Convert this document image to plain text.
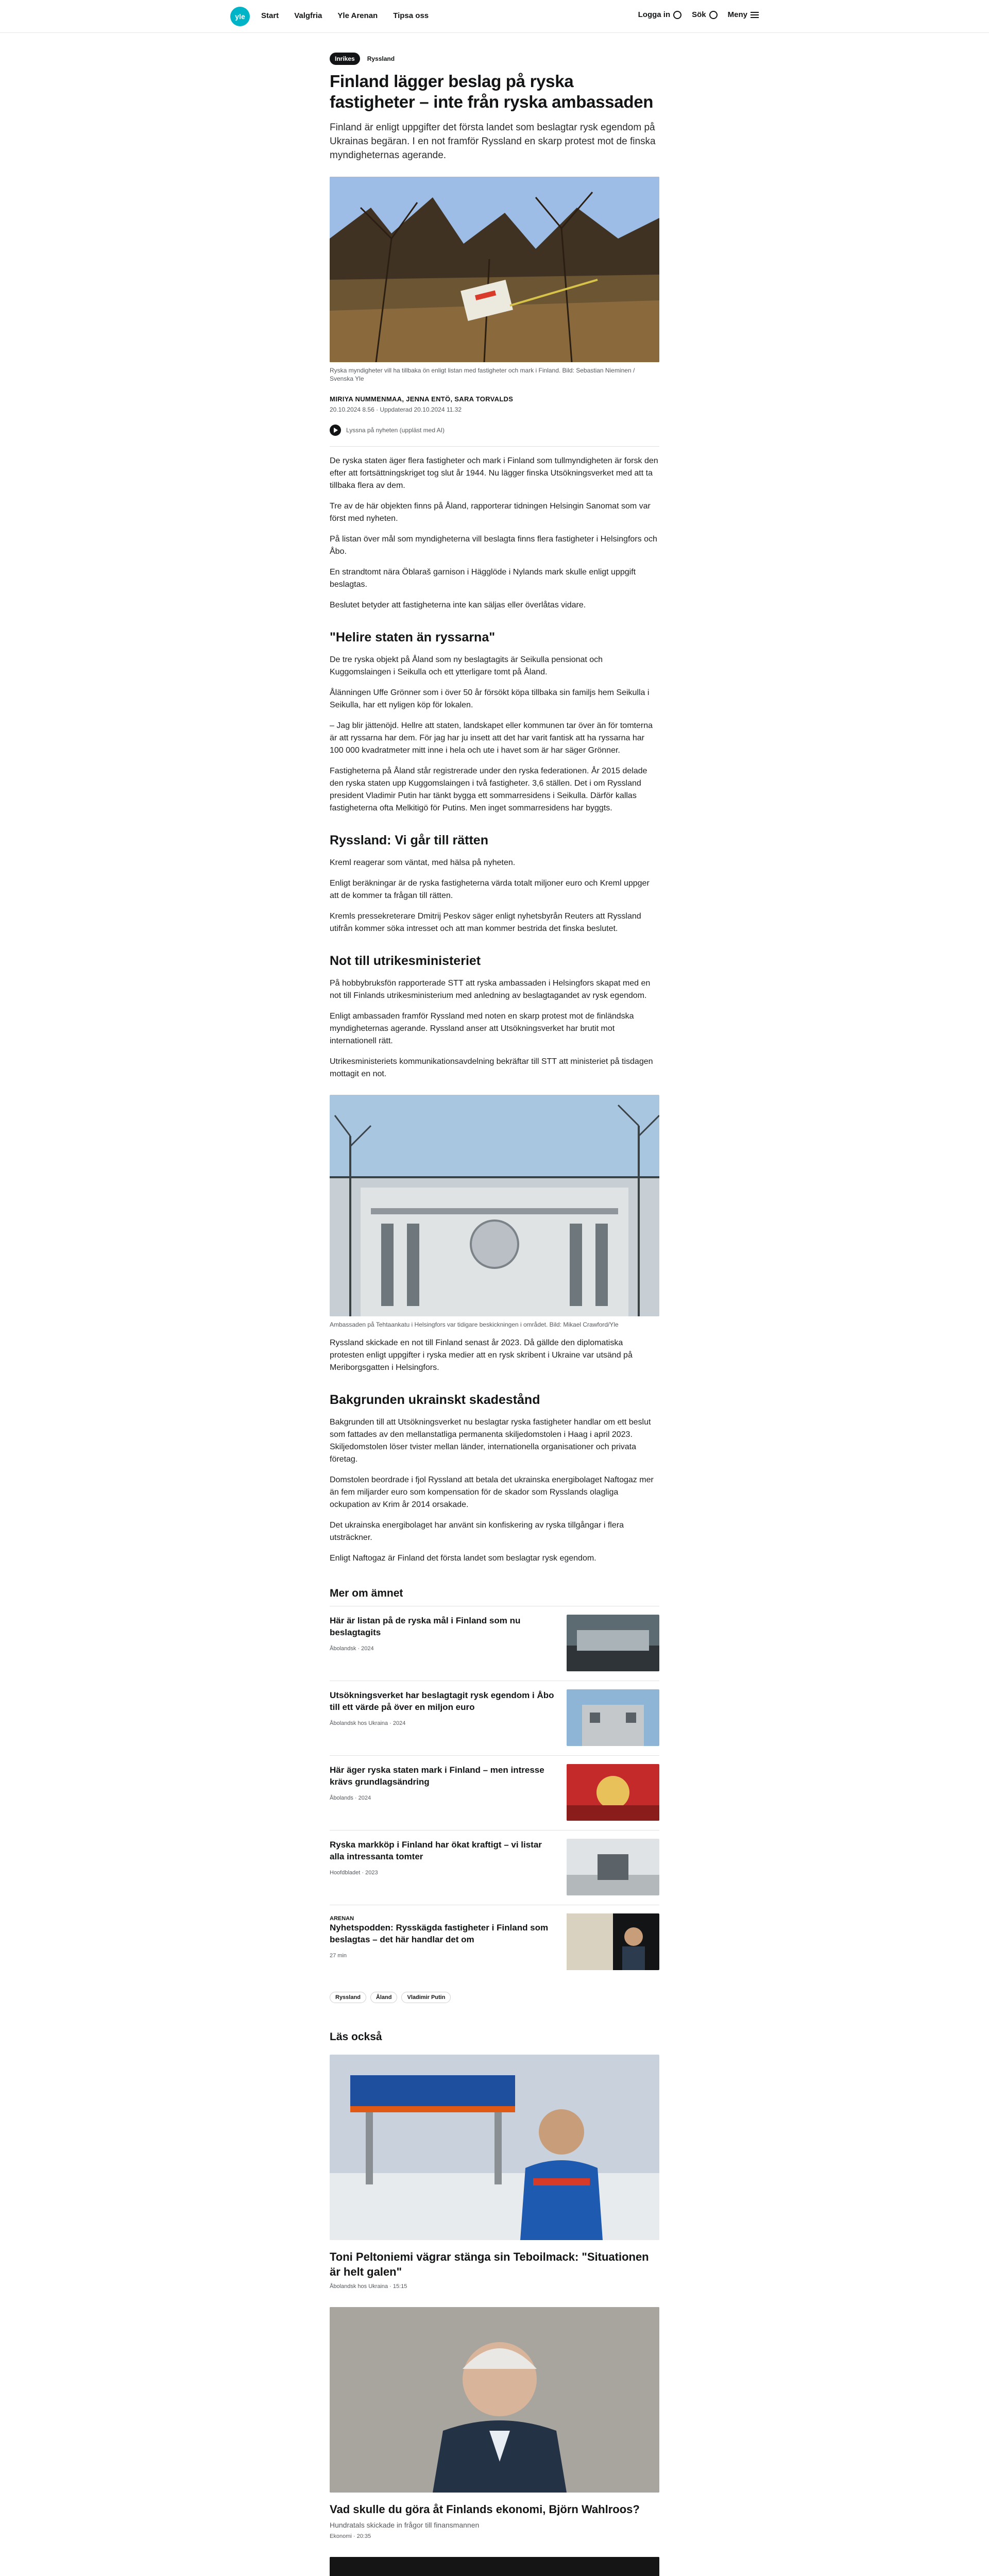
yle	Start Valgfria Yle Arenan Tipsa oss	Logga in	Sök	Meny
Inrikes	Ryssland
Finland lägger beslag på ryska fastigheter – inte från ryska ambassaden

Finland är enligt uppgifter det första landet som beslagtar rysk egendom på Ukrainas begäran. I en not framför Ryssland en skarp protest mot de finska myndigheternas agerande.

Ryska myndigheter vill ha tillbaka ön enligt listan med fastigheter och mark i Finland. Bild: Sebastian Nieminen / Svenska Yle

MIRIYA NUMMENMAA, JENNA ENTÖ, SARA TORVALDS

20.10.2024 8.56 · Uppdaterad 20.10.2024 11.32

Lyssna på nyheten (uppläst med AI)

De ryska staten äger flera fastigheter och mark i Finland som tullmyndigheten är forsk den efter att fortsättningskriget tog slut år 1944. Nu lägger finska Utsökningsverket med att ta tillbaka flera av dem.

Tre av de här objekten finns på Åland, rapporterar tidningen Helsingin Sanomat som var först med nyheten.

På listan över mål som myndigheterna vill beslagta finns flera fastigheter i Helsingfors och Åbo.

En strandtomt nära Öblaraš garnison i Hägglöde i Nylands mark skulle enligt uppgift beslagtas.

Beslutet betyder att fastigheterna inte kan säljas eller överlåtas vidare.

"Helire staten än ryssarna"

De tre ryska objekt på Åland som ny beslagtagits är Seikulla pensionat och Kuggomslaingen i Seikulla och ett ytterligare tomt på Åland.

Ålänningen Uffe Grönner som i över 50 år försökt köpa tillbaka sin familjs hem Seikulla i Seikulla, har ett nyligen köp för lokalen.

– Jag blir jättenöjd. Hellre att staten, landskapet eller kommunen tar över än för tomterna är att ryssarna har dem. För jag har ju insett att det har varit fantisk att ha ryssarna har 100 000 kvadratmeter mitt inne i hela och ute i havet som är har säger Grönner.

Fastigheterna på Åland står registrerade under den ryska federationen. År 2015 delade den ryska staten upp Kuggomslaingen i två fastigheter. 3,6 ställen. Det i om Ryssland president Vladimir Putin har tänkt bygga ett sommarresidens i Seikulla. Därför kallas fastigheterna ofta Melkitigö för Putins. Men inget sommarresidens har byggts.

Ryssland: Vi går till rätten

Kreml reagerar som väntat, med hälsa på nyheten.

Enligt beräkningar är de ryska fastigheterna värda totalt miljoner euro och Kreml uppger att de kommer ta frågan till rätten.

Kremls pressekreterare Dmitrij Peskov säger enligt nyhetsbyrån Reuters att Ryssland utifrån kommer söka intresset och att man kommer bestrida det finska beslutet.

Not till utrikesministeriet

På hobbybruksfön rapporterade STT att ryska ambassaden i Helsingfors skapat med en not till Finlands utrikesministerium med anledning av beslagtagandet av rysk egendom.

Enligt ambassaden framför Ryssland med noten en skarp protest mot de finländska myndigheternas agerande. Ryssland anser att Utsökningsverket har brutit mot internationell rätt.

Utrikesministeriets kommunikationsavdelning bekräftar till STT att ministeriet på tisdagen mottagit en not.

Ambassaden på Tehtaankatu i Helsingfors var tidigare beskickningen i området. Bild: Mikael Crawford/Yle

Ryssland skickade en not till Finland senast år 2023. Då gällde den diplomatiska protesten enligt uppgifter i ryska medier att en rysk skribent i Ukraine var utsänd på Meriborgsgatten i Helsingfors.

Bakgrunden ukrainskt skadestånd

Bakgrunden till att Utsökningsverket nu beslagtar ryska fastigheter handlar om ett beslut som fattades av den mellanstatliga permanenta skiljedomstolen i Haag i april 2023. Skiljedomstolen löser tvister mellan länder, internationella organisationer och privata företag.

Domstolen beordrade i fjol Ryssland att betala det ukrainska energibolaget Naftogaz mer än fem miljarder euro som kompensation för de skador som Rysslands olagliga ockupation av Krim år 2014 orsakade.

Det ukrainska energibolaget har använt sin konfiskering av ryska tillgångar i flera utsträckner.

Enligt Naftogaz är Finland det första landet som beslagtar rysk egendom.

Mer om ämnet
Här är listan på de ryska mål i Finland som nu beslagtagits
Åbolandsk · 2024
Utsökningsverket har beslagtagit rysk egendom i Åbo till ett värde på över en miljon euro
Åbolandsk hos Ukraina · 2024
Här äger ryska staten mark i Finland – men intresse krävs grundlagsändring
Åbolands · 2024
Ryska markköp i Finland har ökat kraftigt – vi listar alla intressanta tomter
Hoofdbladet · 2023
ARENAN
Nyhetspodden: Rysskägda fastigheter i Finland som beslagtas – det här handlar det om
27 min
Ryssland	Åland	Vladimir Putin
Läs också
Toni Peltoniemi vägrar stänga sin Teboilmack: "Situationen är helt galen"
Åbolandsk hos Ukraina · 15:15
Vad skulle du göra åt Finlands ekonomi, Björn Wahlroos?
Hundratals skickade in frågor till finansmannen
Ekonomi · 20:35
